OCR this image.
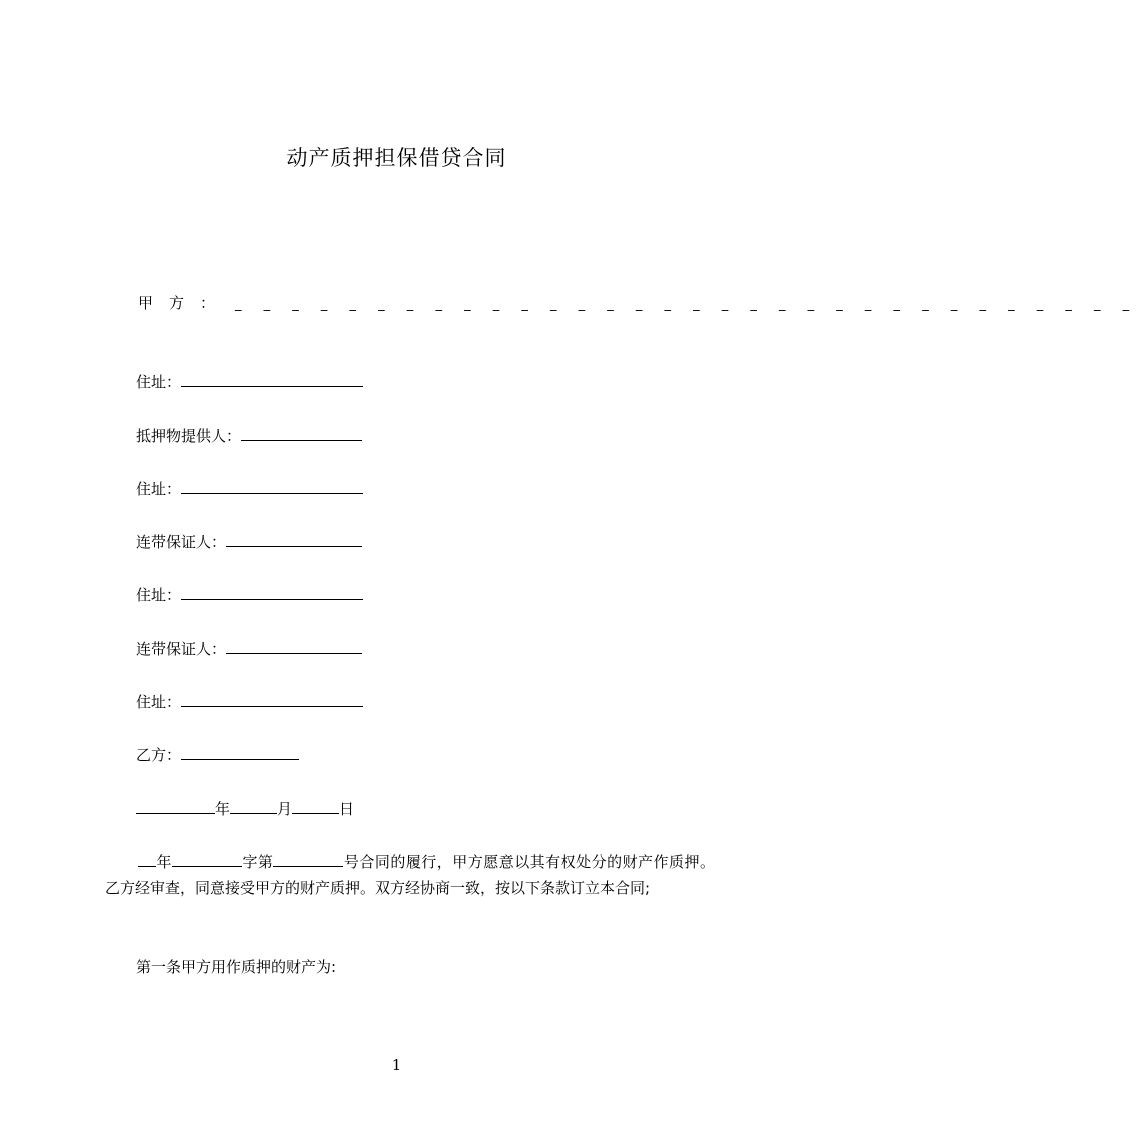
动产质押担保借贷合同
甲方： _ _ _ _ _ _ _ _ _ _ _ _ _ _ _ _ _ _ _ _ _ _ _ _ _ _ _ _ _ _ _ _
住址：
抵押物提供人：
住址：
连带保证人：
住址：
连带保证人：
住址：
乙方：
年	月	日
年	字第	号合同的履行，甲方愿意以其有权处分的财产作质押。乙方经审查，同意接受甲方的财产质押。双方经协商一致，按以下条款订立本合同;
第一条甲方用作质押的财产为:
1
